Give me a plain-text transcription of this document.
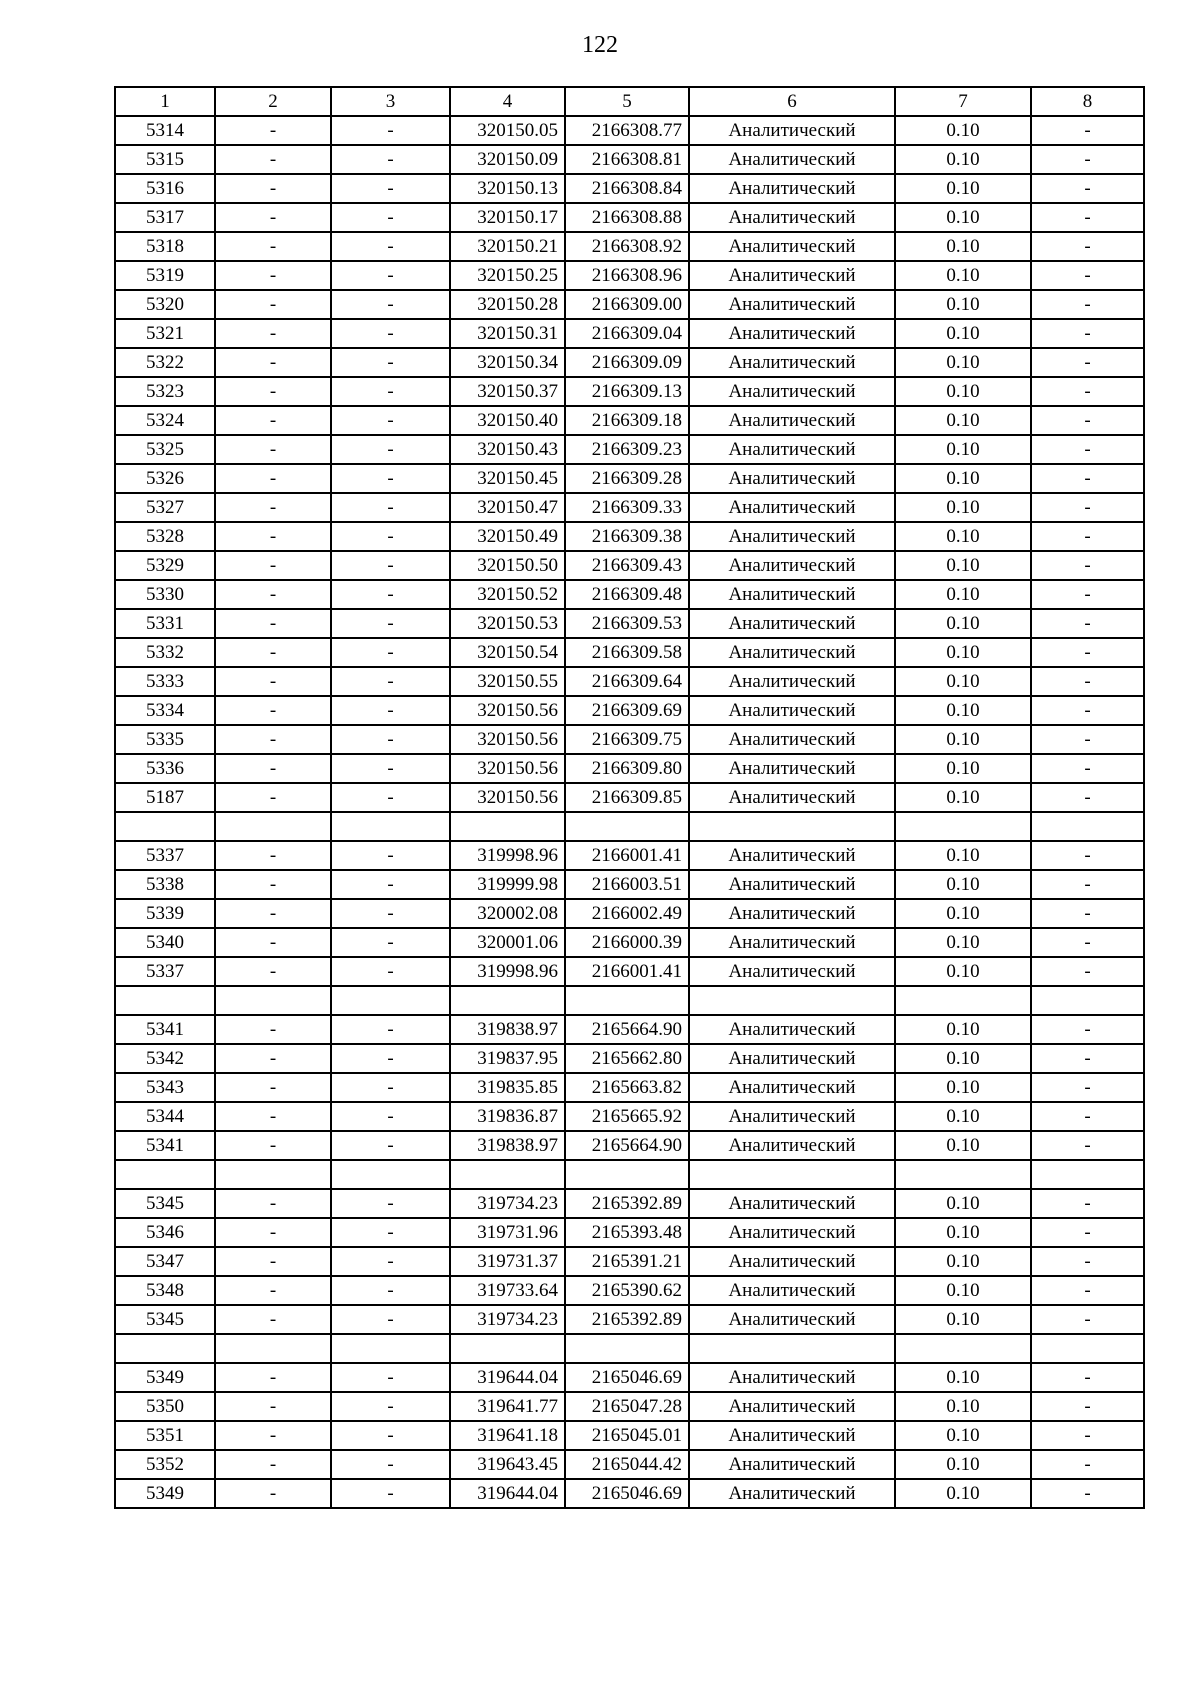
122
1	2	3	4	5	6	7	8
5314	-	-	320150.05	2166308.77	Аналитический	0.10	-
5315	-	-	320150.09	2166308.81	Аналитический	0.10	-
5316	-	-	320150.13	2166308.84	Аналитический	0.10	-
5317	-	-	320150.17	2166308.88	Аналитический	0.10	-
5318	-	-	320150.21	2166308.92	Аналитический	0.10	-
5319	-	-	320150.25	2166308.96	Аналитический	0.10	-
5320	-	-	320150.28	2166309.00	Аналитический	0.10	-
5321	-	-	320150.31	2166309.04	Аналитический	0.10	-
5322	-	-	320150.34	2166309.09	Аналитический	0.10	-
5323	-	-	320150.37	2166309.13	Аналитический	0.10	-
5324	-	-	320150.40	2166309.18	Аналитический	0.10	-
5325	-	-	320150.43	2166309.23	Аналитический	0.10	-
5326	-	-	320150.45	2166309.28	Аналитический	0.10	-
5327	-	-	320150.47	2166309.33	Аналитический	0.10	-
5328	-	-	320150.49	2166309.38	Аналитический	0.10	-
5329	-	-	320150.50	2166309.43	Аналитический	0.10	-
5330	-	-	320150.52	2166309.48	Аналитический	0.10	-
5331	-	-	320150.53	2166309.53	Аналитический	0.10	-
5332	-	-	320150.54	2166309.58	Аналитический	0.10	-
5333	-	-	320150.55	2166309.64	Аналитический	0.10	-
5334	-	-	320150.56	2166309.69	Аналитический	0.10	-
5335	-	-	320150.56	2166309.75	Аналитический	0.10	-
5336	-	-	320150.56	2166309.80	Аналитический	0.10	-
5187	-	-	320150.56	2166309.85	Аналитический	0.10	-

5337	-	-	319998.96	2166001.41	Аналитический	0.10	-
5338	-	-	319999.98	2166003.51	Аналитический	0.10	-
5339	-	-	320002.08	2166002.49	Аналитический	0.10	-
5340	-	-	320001.06	2166000.39	Аналитический	0.10	-
5337	-	-	319998.96	2166001.41	Аналитический	0.10	-

5341	-	-	319838.97	2165664.90	Аналитический	0.10	-
5342	-	-	319837.95	2165662.80	Аналитический	0.10	-
5343	-	-	319835.85	2165663.82	Аналитический	0.10	-
5344	-	-	319836.87	2165665.92	Аналитический	0.10	-
5341	-	-	319838.97	2165664.90	Аналитический	0.10	-

5345	-	-	319734.23	2165392.89	Аналитический	0.10	-
5346	-	-	319731.96	2165393.48	Аналитический	0.10	-
5347	-	-	319731.37	2165391.21	Аналитический	0.10	-
5348	-	-	319733.64	2165390.62	Аналитический	0.10	-
5345	-	-	319734.23	2165392.89	Аналитический	0.10	-

5349	-	-	319644.04	2165046.69	Аналитический	0.10	-
5350	-	-	319641.77	2165047.28	Аналитический	0.10	-
5351	-	-	319641.18	2165045.01	Аналитический	0.10	-
5352	-	-	319643.45	2165044.42	Аналитический	0.10	-
5349	-	-	319644.04	2165046.69	Аналитический	0.10	-
